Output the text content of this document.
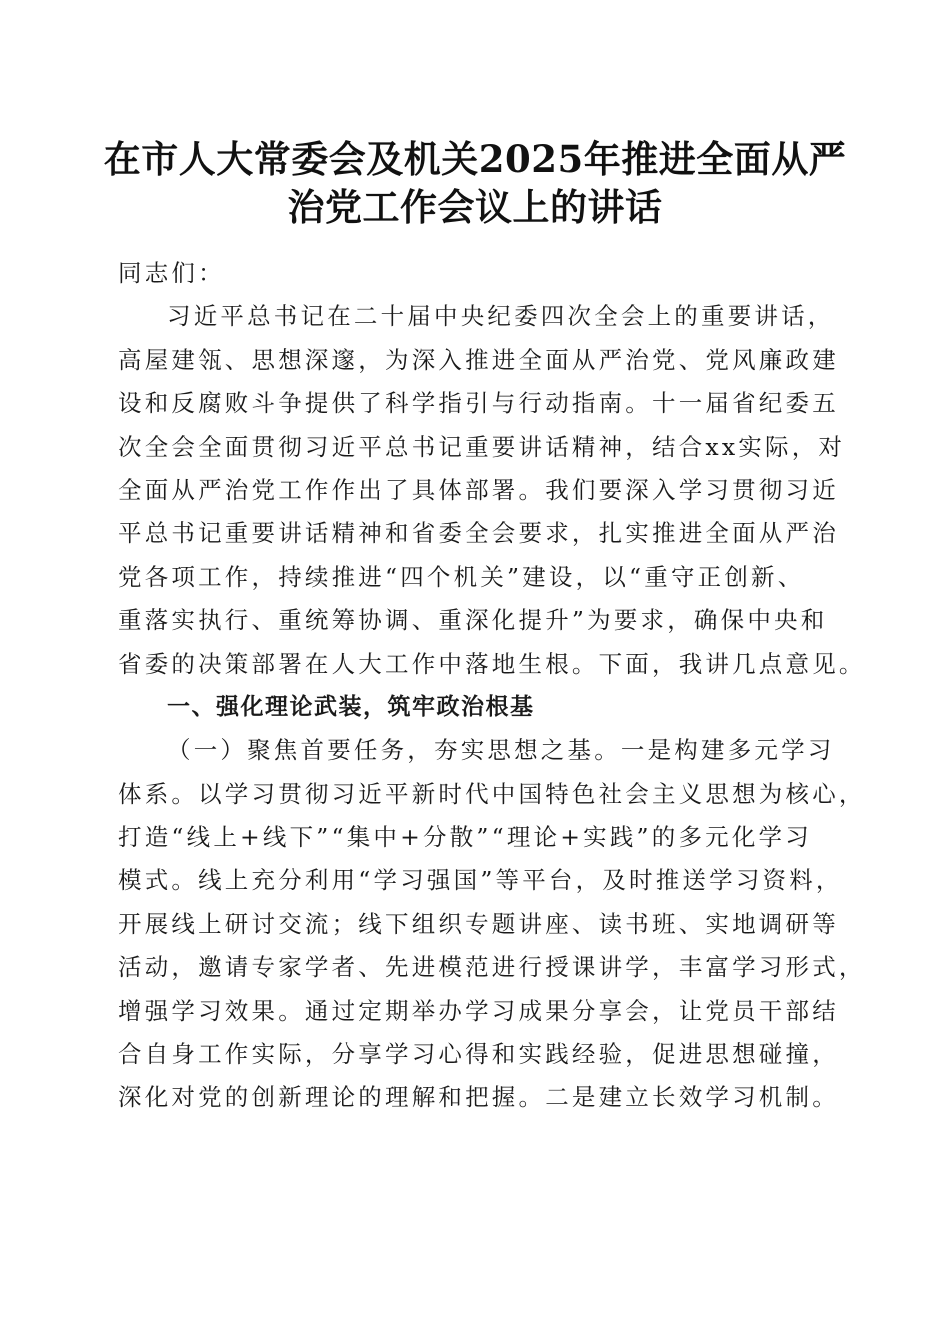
在市人大常委会及机关2025年推进全面从严
治党工作会议上的讲话
同志们：
习近平总书记在二十届中央纪委四次全会上的重要讲话，
高屋建瓴、思想深邃，为深入推进全面从严治党、党风廉政建
设和反腐败斗争提供了科学指引与行动指南。十一届省纪委五
次全会全面贯彻习近平总书记重要讲话精神，结合xx实际，对
全面从严治党工作作出了具体部署。我们要深入学习贯彻习近
平总书记重要讲话精神和省委全会要求，扎实推进全面从严治
党各项工作，持续推进“四个机关”建设，以“重守正创新、
重落实执行、重统筹协调、重深化提升”为要求，确保中央和
省委的决策部署在人大工作中落地生根。下面，我讲几点意见。
一、强化理论武装，筑牢政治根基
（一）聚焦首要任务，夯实思想之基。一是构建多元学习
体系。以学习贯彻习近平新时代中国特色社会主义思想为核心，
打造“线上+线下”“集中+分散”“理论+实践”的多元化学习
模式。线上充分利用“学习强国”等平台，及时推送学习资料，
开展线上研讨交流；线下组织专题讲座、读书班、实地调研等
活动，邀请专家学者、先进模范进行授课讲学，丰富学习形式，
增强学习效果。通过定期举办学习成果分享会，让党员干部结
合自身工作实际，分享学习心得和实践经验，促进思想碰撞，
深化对党的创新理论的理解和把握。二是建立长效学习机制。
